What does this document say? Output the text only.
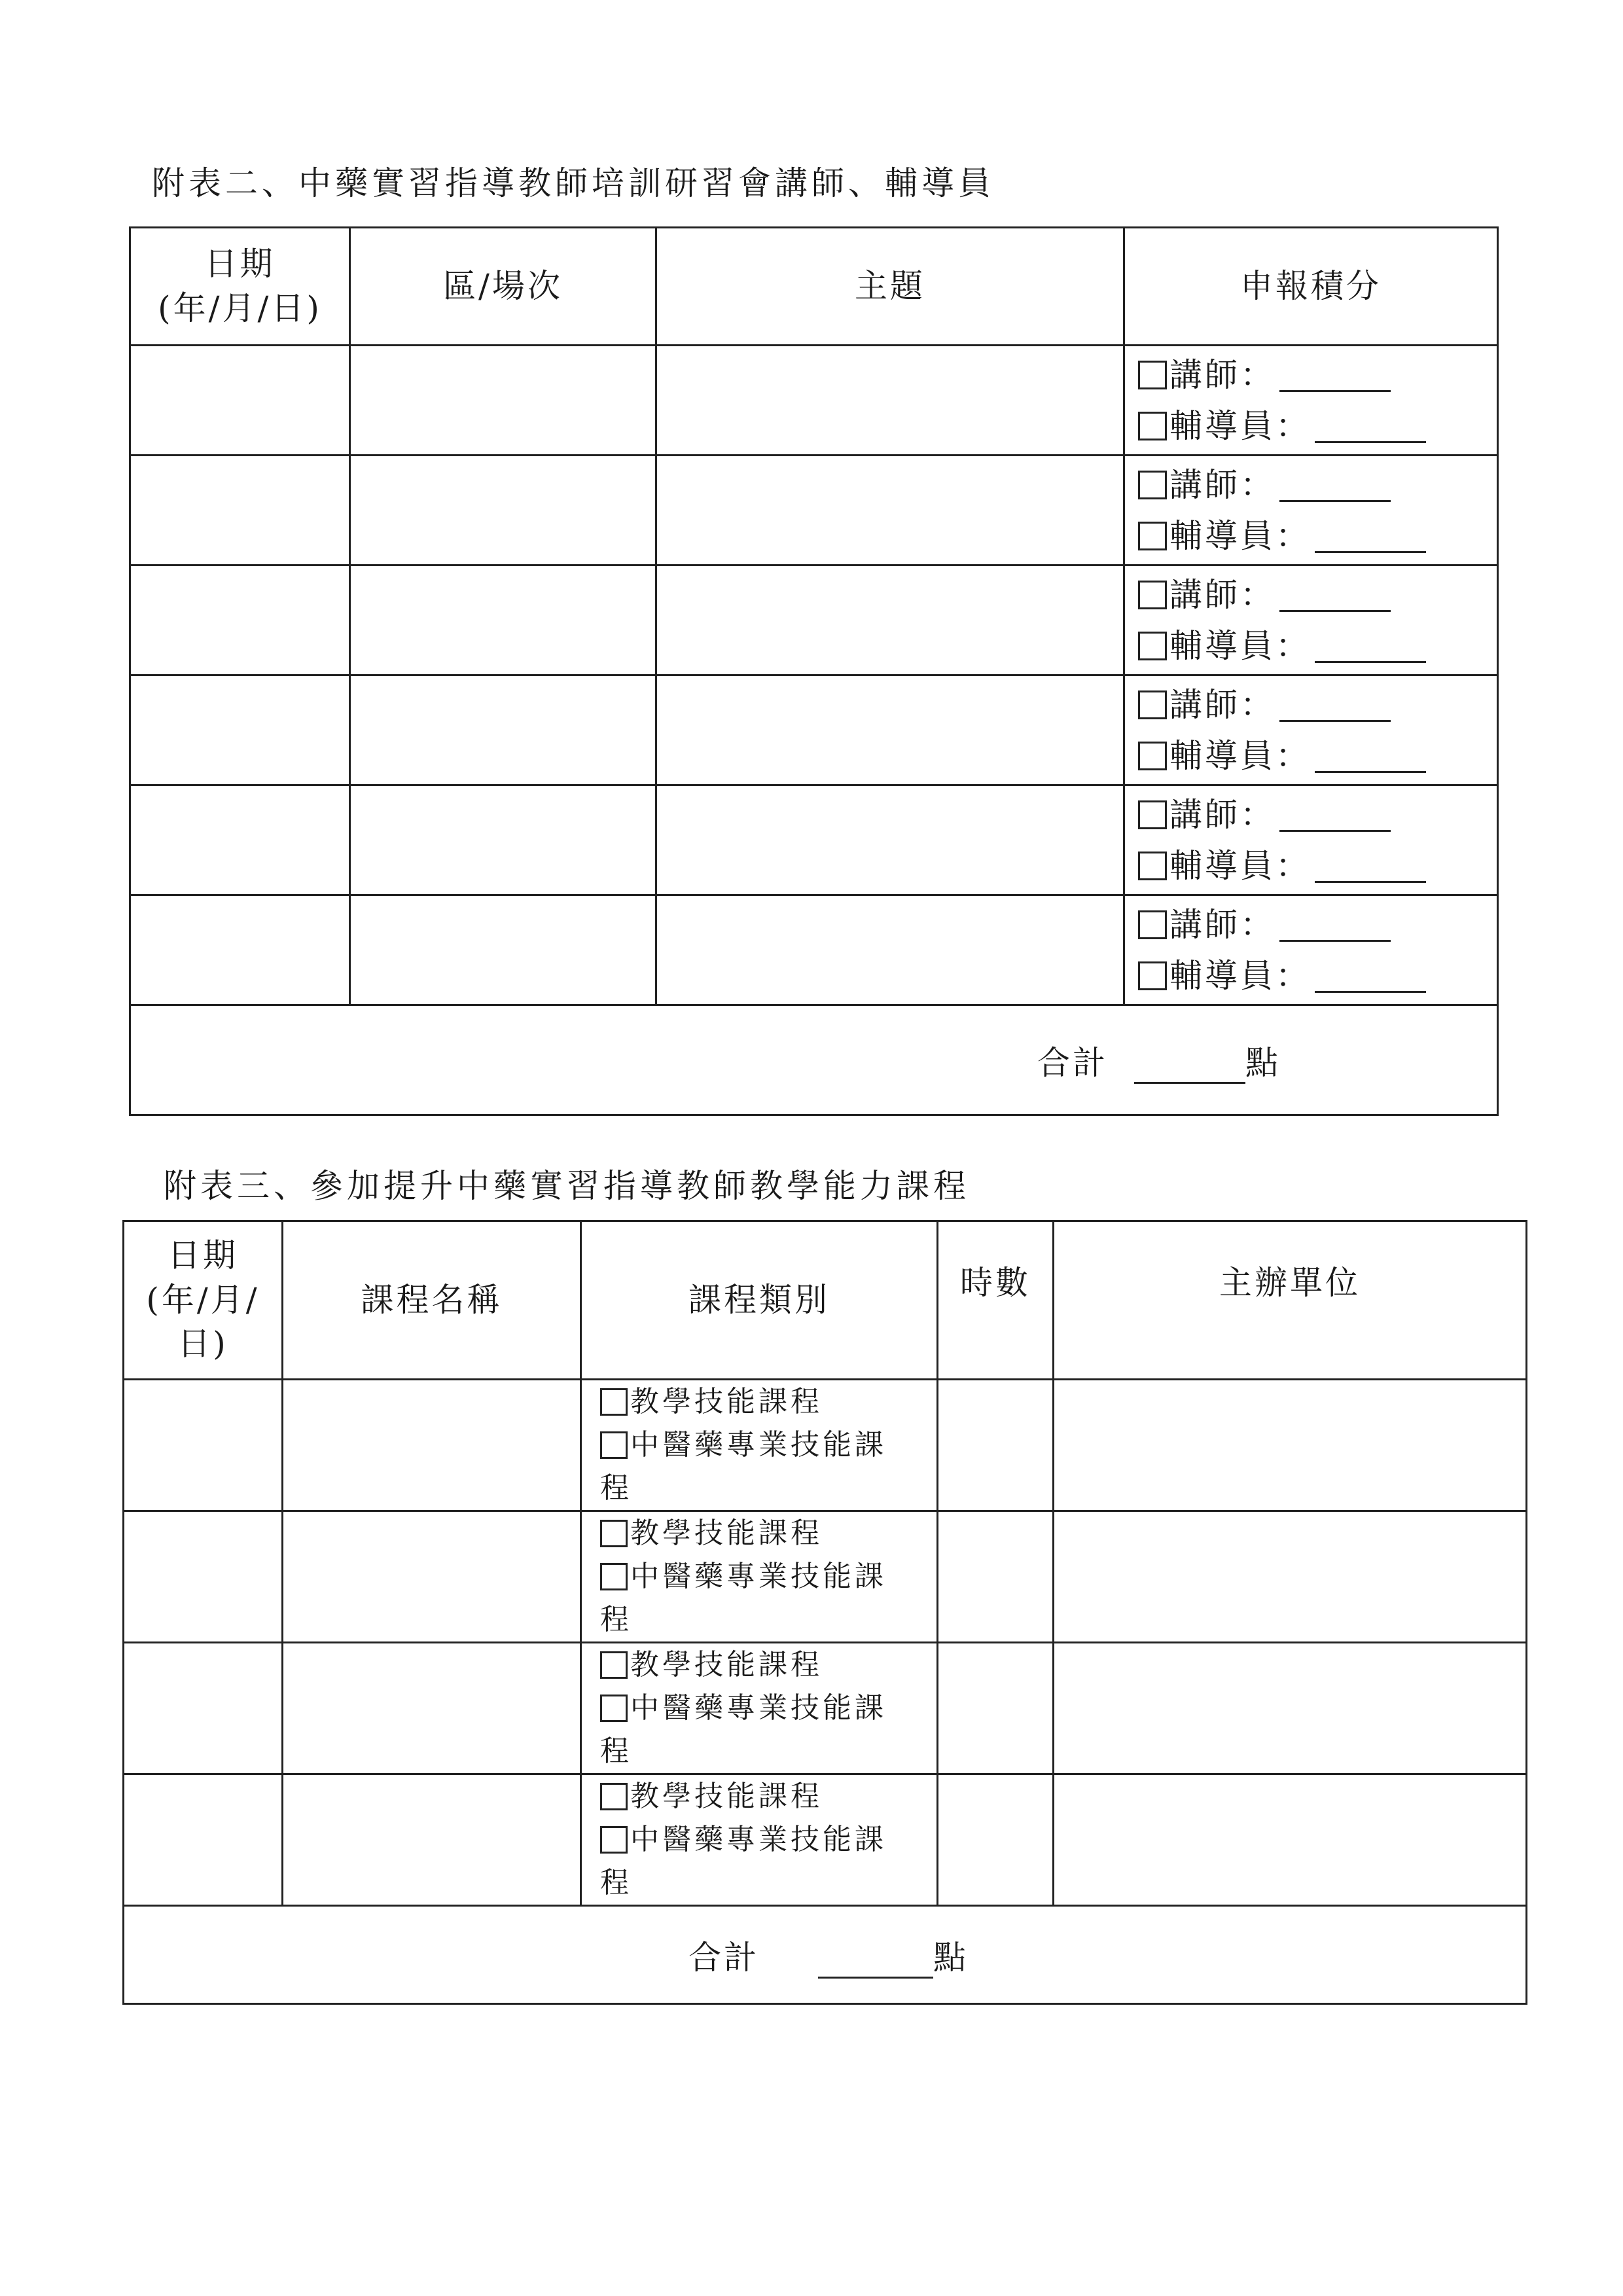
附表二、中藥實習指導教師培訓研習會講師、輔導員
日期
(年/月/日)	區/場次	主題	申報積分

			講師：
輔導員：

			講師：
輔導員：

			講師：
輔導員：

			講師：
輔導員：

			講師：
輔導員：

			講師：
輔導員：

合計 點			
附表三、參加提升中藥實習指導教師教學能力課程
日期
(年/月/
日)	課程名稱	課程類別	時數	主辦單位

		教學技能課程
中醫藥專業技能課
程		

		教學技能課程
中醫藥專業技能課
程		

		教學技能課程
中醫藥專業技能課
程		

		教學技能課程
中醫藥專業技能課
程		

合計 點				
